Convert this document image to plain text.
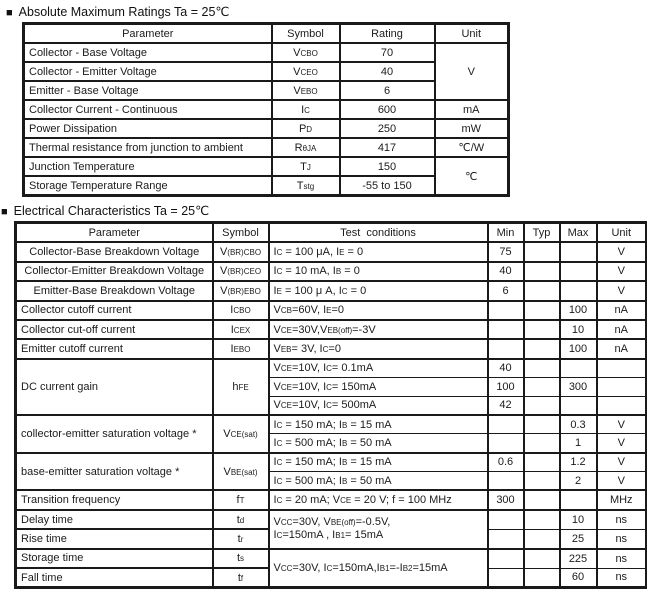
■ Absolute Maximum Ratings Ta = 25℃
Parameter	Symbol	Rating	Unit
Collector - Base Voltage	VCBO	70	V
Collector - Emitter Voltage	VCEO	40	
Emitter - Base Voltage	VEBO	6	
Collector Current - Continuous	IC	600	mA
Power Dissipation	PD	250	mW
Thermal resistance from junction to ambient	RθJA	417	℃/W
Junction Temperature	TJ	150	℃
Storage Temperature Range	Tstg	-55 to 150	
■ Electrical Characteristics Ta = 25℃
Parameter	Symbol	Test  conditions	Min	Typ	Max	Unit
Collector-Base Breakdown Voltage	V(BR)CBO	IC = 100 μA, IE = 0	75			V
Collector-Emitter Breakdown Voltage	V(BR)CEO	IC = 10 mA, IB = 0	40			V
Emitter-Base Breakdown Voltage	V(BR)EBO	IE = 100 μ A, IC = 0	6			V
Collector cutoff current	ICBO	VCB=60V, IE=0			100	nA
Collector cut-off current	ICEX	VCE=30V,VEB(off)=-3V			10	nA
Emitter cutoff current	IEBO	VEB= 3V, IC=0			100	nA
DC current gain	hFE	VCE=10V, IC= 0.1mA	40			
		VCE=10V, IC= 150mA	100		300	
		VCE=10V, IC= 500mA	42			
collector-emitter saturation voltage *	VCE(sat)	IC = 150 mA; IB = 15 mA			0.3	V
		IC = 500 mA; IB = 50 mA			1	V
base-emitter saturation voltage *	VBE(sat)	IC = 150 mA; IB = 15 mA	0.6		1.2	V
		IC = 500 mA; IB = 50 mA			2	V
Transition frequency	fT	IC = 20 mA; VCE = 20 V; f = 100 MHz	300			MHz
Delay time	td	VCC=30V, VBE(off)=-0.5V,
IC=150mA , IB1= 15mA			10	ns
Rise time	tr				25	ns
Storage time	ts	VCC=30V, IC=150mA,IB1=-IB2=15mA			225	ns
Fall time	tf				60	ns
